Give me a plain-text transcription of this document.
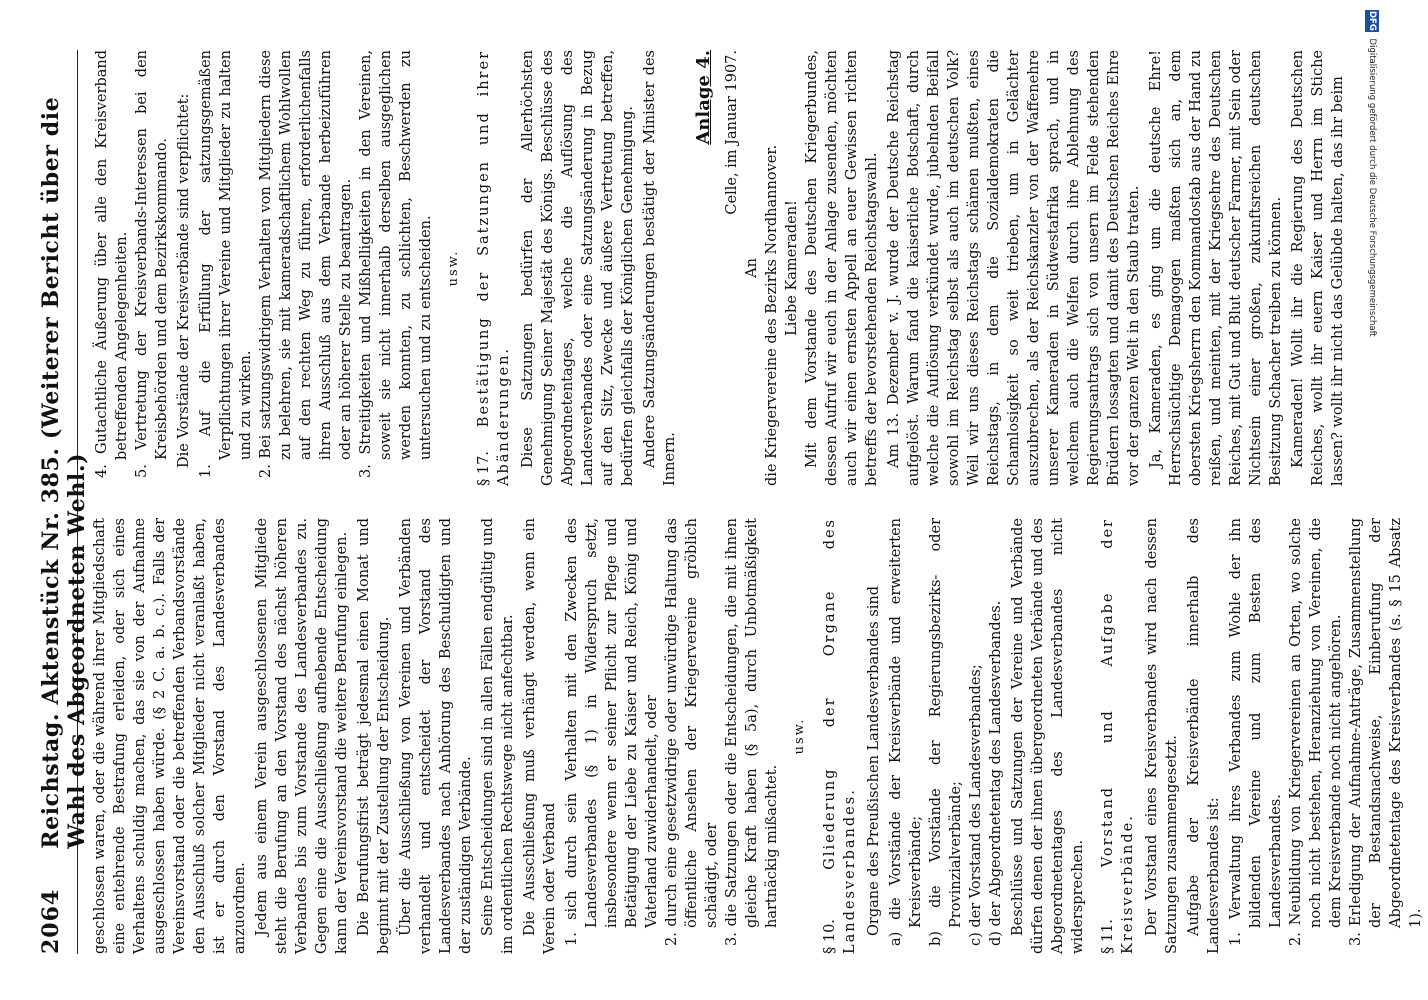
2064
Reichstag. Aktenstück Nr. 385. (Weiterer Bericht über die Wahl des Abgeordneten Wehl.) geschlossen waren, oder die während ihrer Mitgliedschaft eine entehrende Bestrafung erleiden, oder sich eines Verhaltens schuldig machen, das sie von der Aufnahme ausgeschlossen haben würde. (§ 2 C. a. b. c.). Falls der Vereinsvorstand oder die betreffenden Verbandsvorstände den Ausschluß solcher Mitglieder nicht veranlaßt haben, ist er durch den Vorstand des Landesverbandes anzuordnen. Jedem aus einem Verein ausgeschlossenen Mitgliede steht die Berufung an den Vorstand des nächst höheren Verbandes bis zum Vorstande des Landesverbandes zu. Gegen eine die Ausschließung aufhebende Entscheidung kann der Vereinsvorstand die weitere Berufung einlegen. Die Berufungsfrist beträgt jedesmal einen Monat und beginnt mit der Zustellung der Entscheidung. Über die Ausschließung von Vereinen und Verbänden verhandelt und entscheidet der Vorstand des Landesverbandes nach Anhörung des Beschuldigten und der zuständigen Verbände. Seine Entscheidungen sind in allen Fällen endgültig und im ordentlichen Rechtswege nicht anfechtbar. Die Ausschließung muß verhängt werden, wenn ein Verein oder Verband 1. sich durch sein Verhalten mit den Zwecken des Landesverbandes (§ 1) in Widerspruch setzt, insbesondere wenn er seiner Pflicht zur Pflege und Betätigung der Liebe zu Kaiser und Reich, König und Vaterland zuwiderhandelt, oder 2. durch eine gesetzwidrige oder unwürdige Haltung das öffentliche Ansehen der Kriegervereine gröblich schädigt, oder 3. die Satzungen oder die Entscheidungen, die mit ihnen gleiche Kraft haben (§ 5a), durch Unbotmäßigkeit hartnäckig mißachtet.
usw.
§ 10. Gliederung der Organe des Landesverbandes. Organe des Preußischen Landesverbandes sind a) die Vorstände der Kreisverbände und erweiterten Kreisverbände; b) die Vorstände der Regierungsbezirks- oder Provinzialverbände; c) der Vorstand des Landesverbandes; d) der Abgeordnetentag des Landesverbandes. Beschlüsse und Satzungen der Vereine und Verbände dürfen denen der ihnen übergeordneten Verbände und des Abgeordnetentages des Landesverbandes nicht widersprechen. § 11. Vorstand und Aufgabe der Kreisverbände. Der Vorstand eines Kreisverbandes wird nach dessen Satzungen zusammengesetzt. Aufgabe der Kreisverbände innerhalb des Landesverbandes ist: 1. Verwaltung ihres Verbandes zum Wohle der ihn bildenden Vereine und zum Besten des Landesverbandes. 2. Neubildung von Kriegervereinen an Orten, wo solche noch nicht bestehen, Heranziehung von Vereinen, die dem Kreisverbande noch nicht angehören. 3. Erledigung der Aufnahme-Anträge, Zusammenstellung der Bestandsnachweise, Einberufung der Abgeordnetentage des Kreisverbandes (s. § 15 Absatz 1).
4. Gutachtliche Äußerung über alle den Kreisverband betreffenden Angelegenheiten. 5. Vertretung der Kreisverbands-Interessen bei den Kreisbehörden und dem Bezirkskommando. Die Vorstände der Kreisverbände sind verpflichtet: 1. Auf die Erfüllung der satzungsgemäßen Verpflichtungen ihrer Vereine und Mitglieder zu halten und zu wirken. 2. Bei satzungswidrigem Verhalten von Mitgliedern diese zu belehren, sie mit kameradschaftlichem Wohlwollen auf den rechten Weg zu führen, erforderlichenfalls ihren Ausschluß aus dem Verbande herbeizuführen oder an höherer Stelle zu beantragen. 3. Streitigkeiten und Mißhelligkeiten in den Vereinen, soweit sie nicht innerhalb derselben ausgeglichen werden konnten, zu schlichten, Beschwerden zu untersuchen und zu entscheiden. usw.
§ 17. Bestätigung der Satzungen und ihrer Abänderungen. Diese Satzungen bedürfen der Allerhöchsten Genehmigung Seiner Majestät des Königs. Beschlüsse des Abgeordnetentages, welche die Auflösung des Landesverbandes oder eine Satzungsänderung in Bezug auf den Sitz, Zwecke und äußere Vertretung betreffen, bedürfen gleichfalls der Königlichen Genehmigung. Andere Satzungsänderungen bestätigt der Minister des Innern.

Anlage 4. Celle, im Januar 1907.
An die Kriegervereine des Bezirks Nordhannover. Liebe Kameraden! Mit dem Vorstande des Deutschen Kriegerbundes, dessen Aufruf wir euch in der Anlage zusenden, möchten auch wir einen ernsten Appell an euer Gewissen richten betreffs der bevorstehenden Reichstagswahl. Am 13. Dezember v. J. wurde der Deutsche Reichstag aufgelöst. Warum fand die kaiserliche Botschaft, durch welche die Auflösung verkündet wurde, jubelnden Beifall sowohl im Reichstag selbst als auch im deutschen Volk? Weil wir uns dieses Reichstags schämen mußten, eines Reichstags, in dem die Sozialdemokraten die Schamlosigkeit so weit trieben, um in Gelächter auszubrechen, als der Reichskanzler von der Waffenehre unserer Kameraden in Südwestafrika sprach, und in welchem auch die Welfen durch ihre Ablehnung des Regierungsantrags sich von unsern im Felde stehenden Brüdern lossagten und damit des Deutschen Reiches Ehre vor der ganzen Welt in den Staub traten. Ja, Kameraden, es ging um die deutsche Ehre! Herrschsüchtige Demagogen maßten sich an, dem obersten Kriegsherrn den Kommandostab aus der Hand zu reißen, und meinten, mit der Kriegsehre des Deutschen Reiches, mit Gut und Blut deutscher Farmer, mit Sein oder Nichtsein einer großen, zukunftsreichen deutschen Besitzung Schacher treiben zu können. Kameraden! Wollt ihr die Regierung des Deutschen Reiches, wollt ihr euern Kaiser und Herrn im Stiche lassen? wollt ihr nicht das Gelübde halten, das ihr beim

DFG Digitalisierung gefördert durch die Deutsche Forschungsgemeinschaft
